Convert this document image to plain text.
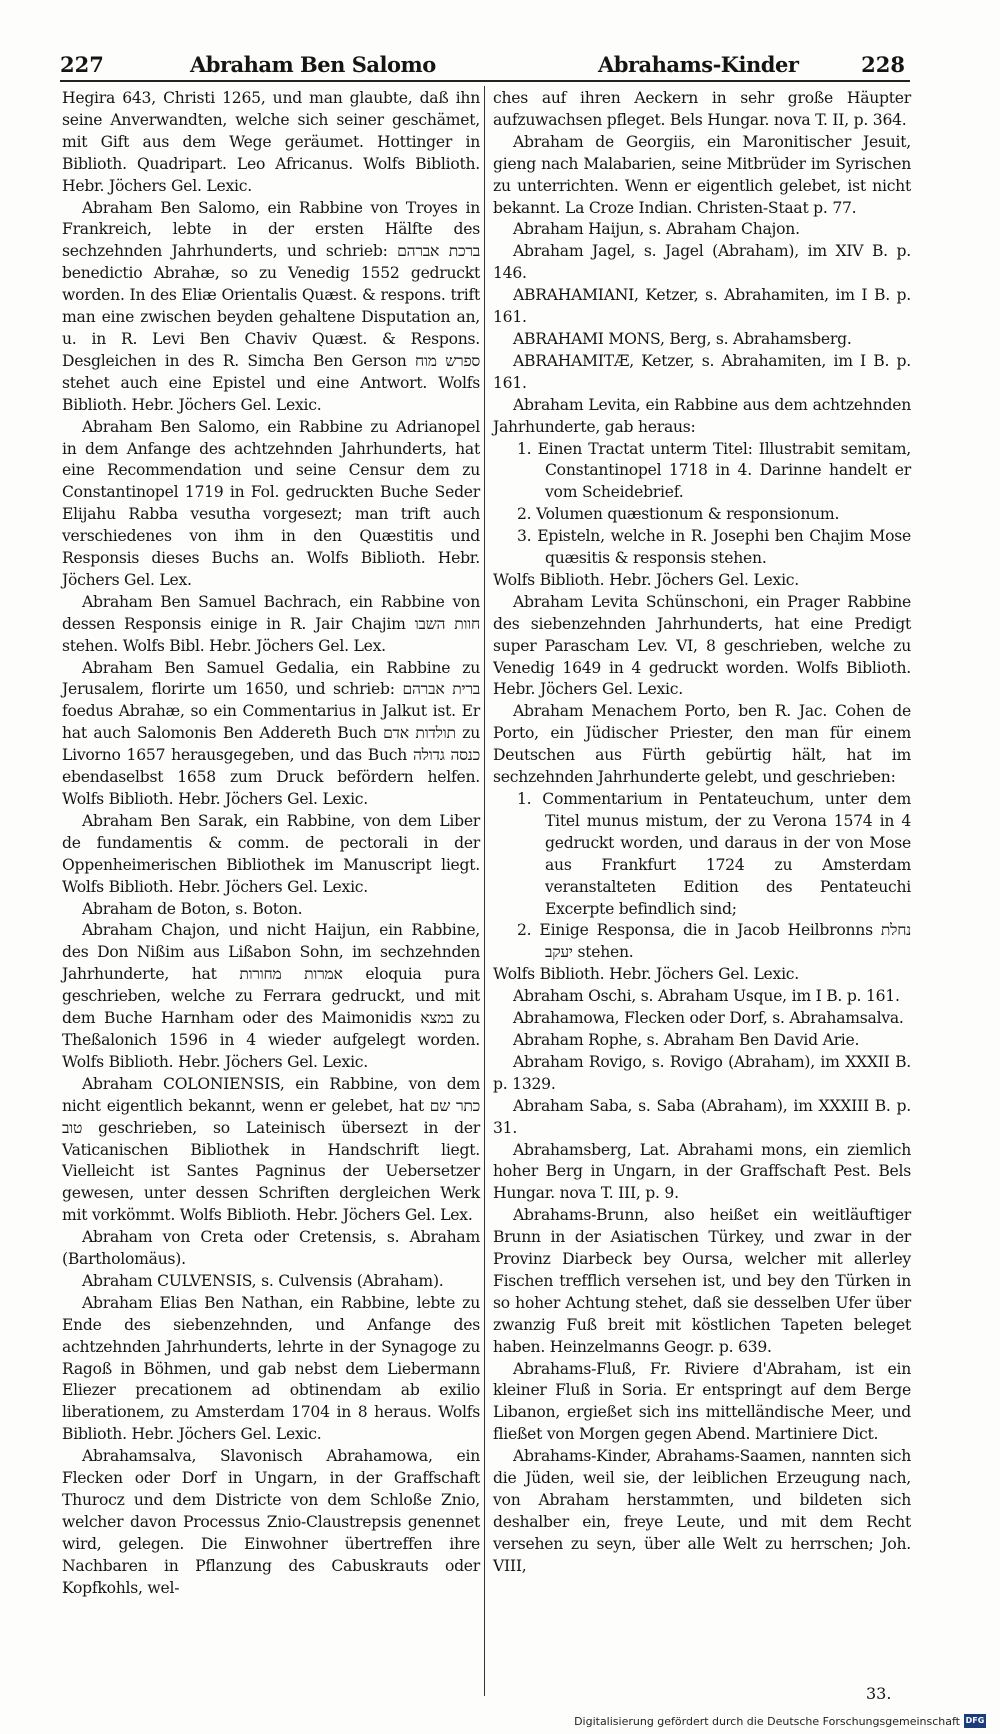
227	Abraham Ben Salomo	Abrahams-Kinder	228

Hegira 643, Christi 1265, und man glaubte, daß ihn seine Anverwandten, welche sich seiner geschämet, mit Gift aus dem Wege geräumet. Hottinger in Biblioth. Quadripart. Leo Africanus. Wolfs Biblioth. Hebr. Jöchers Gel. Lexic.

Abraham Ben Salomo, ein Rabbine von Troyes in Frankreich, lebte in der ersten Hälfte des sechzehnden Jahrhunderts, und schrieb: ברכת אברהם benedictio Abrahæ, so zu Venedig 1552 gedruckt worden. In des Eliæ Orientalis Quæst. & respons. trift man eine zwischen beyden gehaltene Disputation an, u. in R. Levi Ben Chaviv Quæst. & Respons. Desgleichen in des R. Simcha Ben Gerson ספרש מוח stehet auch eine Epistel und eine Antwort. Wolfs Biblioth. Hebr. Jöchers Gel. Lexic.

Abraham Ben Salomo, ein Rabbine zu Adrianopel in dem Anfange des achtzehnden Jahrhunderts, hat eine Recommendation und seine Censur dem zu Constantinopel 1719 in Fol. gedruckten Buche Seder Elijahu Rabba vesutha vorgesezt; man trift auch verschiedenes von ihm in den Quæstitis und Responsis dieses Buchs an. Wolfs Biblioth. Hebr. Jöchers Gel. Lex.

Abraham Ben Samuel Bachrach, ein Rabbine von dessen Responsis einige in R. Jair Chajim חוות השבו stehen. Wolfs Bibl. Hebr. Jöchers Gel. Lex.

Abraham Ben Samuel Gedalia, ein Rabbine zu Jerusalem, florirte um 1650, und schrieb: ברית אברהם foedus Abrahæ, so ein Commentarius in Jalkut ist. Er hat auch Salomonis Ben Addereth Buch תולדות אדם zu Livorno 1657 herausgegeben, und das Buch כנסה גדולה ebendaselbst 1658 zum Druck befördern helfen. Wolfs Biblioth. Hebr. Jöchers Gel. Lexic.

Abraham Ben Sarak, ein Rabbine, von dem Liber de fundamentis & comm. de pectorali in der Oppenheimerischen Bibliothek im Manuscript liegt. Wolfs Biblioth. Hebr. Jöchers Gel. Lexic.

Abraham de Boton, s. Boton.

Abraham Chajon, und nicht Haijun, ein Rabbine, des Don Nißim aus Lißabon Sohn, im sechzehnden Jahrhunderte, hat אמרות מחורות eloquia pura geschrieben, welche zu Ferrara gedruckt, und mit dem Buche Harnham oder des Maimonidis במצא zu Theßalonich 1596 in 4 wieder aufgelegt worden. Wolfs Biblioth. Hebr. Jöchers Gel. Lexic.

Abraham COLONIENSIS, ein Rabbine, von dem nicht eigentlich bekannt, wenn er gelebet, hat כתר שם טוב geschrieben, so Lateinisch übersezt in der Vaticanischen Bibliothek in Handschrift liegt. Vielleicht ist Santes Pagninus der Uebersetzer gewesen, unter dessen Schriften dergleichen Werk mit vorkömmt. Wolfs Biblioth. Hebr. Jöchers Gel. Lex.

Abraham von Creta oder Cretensis, s. Abraham (Bartholomäus).

Abraham CULVENSIS, s. Culvensis (Abraham).

Abraham Elias Ben Nathan, ein Rabbine, lebte zu Ende des siebenzehnden, und Anfange des achtzehnden Jahrhunderts, lehrte in der Synagoge zu Ragoß in Böhmen, und gab nebst dem Liebermann Eliezer precationem ad obtinendam ab exilio liberationem, zu Amsterdam 1704 in 8 heraus. Wolfs Biblioth. Hebr. Jöchers Gel. Lexic.

Abrahamsalva, Slavonisch Abrahamowa, ein Flecken oder Dorf in Ungarn, in der Graffschaft Thurocz und dem Districte von dem Schloße Znio, welcher davon Processus Znio-Claustrepsis genennet wird, gelegen. Die Einwohner übertreffen ihre Nachbaren in Pflanzung des Cabuskrauts oder Kopfkohls, wel-

ches auf ihren Aeckern in sehr große Häupter aufzuwachsen pfleget. Bels Hungar. nova T. II, p. 364.

Abraham de Georgiis, ein Maronitischer Jesuit, gieng nach Malabarien, seine Mitbrüder im Syrischen zu unterrichten. Wenn er eigentlich gelebet, ist nicht bekannt. La Croze Indian. Christen-Staat p. 77.

Abraham Haijun, s. Abraham Chajon.

Abraham Jagel, s. Jagel (Abraham), im XIV B. p. 146.

ABRAHAMIANI, Ketzer, s. Abrahamiten, im I B. p. 161.

ABRAHAMI MONS, Berg, s. Abrahamsberg.

ABRAHAMITÆ, Ketzer, s. Abrahamiten, im I B. p. 161.

Abraham Levita, ein Rabbine aus dem achtzehnden Jahrhunderte, gab heraus:

1. Einen Tractat unterm Titel: Illustrabit semitam, Constantinopel 1718 in 4. Darinne handelt er vom Scheidebrief.

2. Volumen quæstionum & responsionum.

3. Episteln, welche in R. Josephi ben Chajim Mose quæsitis & responsis stehen.

Wolfs Biblioth. Hebr. Jöchers Gel. Lexic.

Abraham Levita Schünschoni, ein Prager Rabbine des siebenzehnden Jahrhunderts, hat eine Predigt super Parascham Lev. VI, 8 geschrieben, welche zu Venedig 1649 in 4 gedruckt worden. Wolfs Biblioth. Hebr. Jöchers Gel. Lexic.

Abraham Menachem Porto, ben R. Jac. Cohen de Porto, ein Jüdischer Priester, den man für einem Deutschen aus Fürth gebürtig hält, hat im sechzehnden Jahrhunderte gelebt, und geschrieben:

1. Commentarium in Pentateuchum, unter dem Titel munus mistum, der zu Verona 1574 in 4 gedruckt worden, und daraus in der von Mose aus Frankfurt 1724 zu Amsterdam veranstalteten Edition des Pentateuchi Excerpte befindlich sind;

2. Einige Responsa, die in Jacob Heilbronns נחלת יעקב stehen.

Wolfs Biblioth. Hebr. Jöchers Gel. Lexic.

Abraham Oschi, s. Abraham Usque, im I B. p. 161.

Abrahamowa, Flecken oder Dorf, s. Abrahamsalva.

Abraham Rophe, s. Abraham Ben David Arie.

Abraham Rovigo, s. Rovigo (Abraham), im XXXII B. p. 1329.

Abraham Saba, s. Saba (Abraham), im XXXIII B. p. 31.

Abrahamsberg, Lat. Abrahami mons, ein ziemlich hoher Berg in Ungarn, in der Graffschaft Pest. Bels Hungar. nova T. III, p. 9.

Abrahams-Brunn, also heißet ein weitläuftiger Brunn in der Asiatischen Türkey, und zwar in der Provinz Diarbeck bey Oursa, welcher mit allerley Fischen trefflich versehen ist, und bey den Türken in so hoher Achtung stehet, daß sie desselben Ufer über zwanzig Fuß breit mit köstlichen Tapeten beleget haben. Heinzelmanns Geogr. p. 639.

Abrahams-Fluß, Fr. Riviere d'Abraham, ist ein kleiner Fluß in Soria. Er entspringt auf dem Berge Libanon, ergießet sich ins mittelländische Meer, und fließet von Morgen gegen Abend. Martiniere Dict.

Abrahams-Kinder, Abrahams-Saamen, nannten sich die Jüden, weil sie, der leiblichen Erzeugung nach, von Abraham herstammten, und bildeten sich deshalber ein, freye Leute, und mit dem Recht versehen zu seyn, über alle Welt zu herrschen; Joh. VIII,

33.
Digitalisierung gefördert durch die Deutsche Forschungsgemeinschaft DFG
